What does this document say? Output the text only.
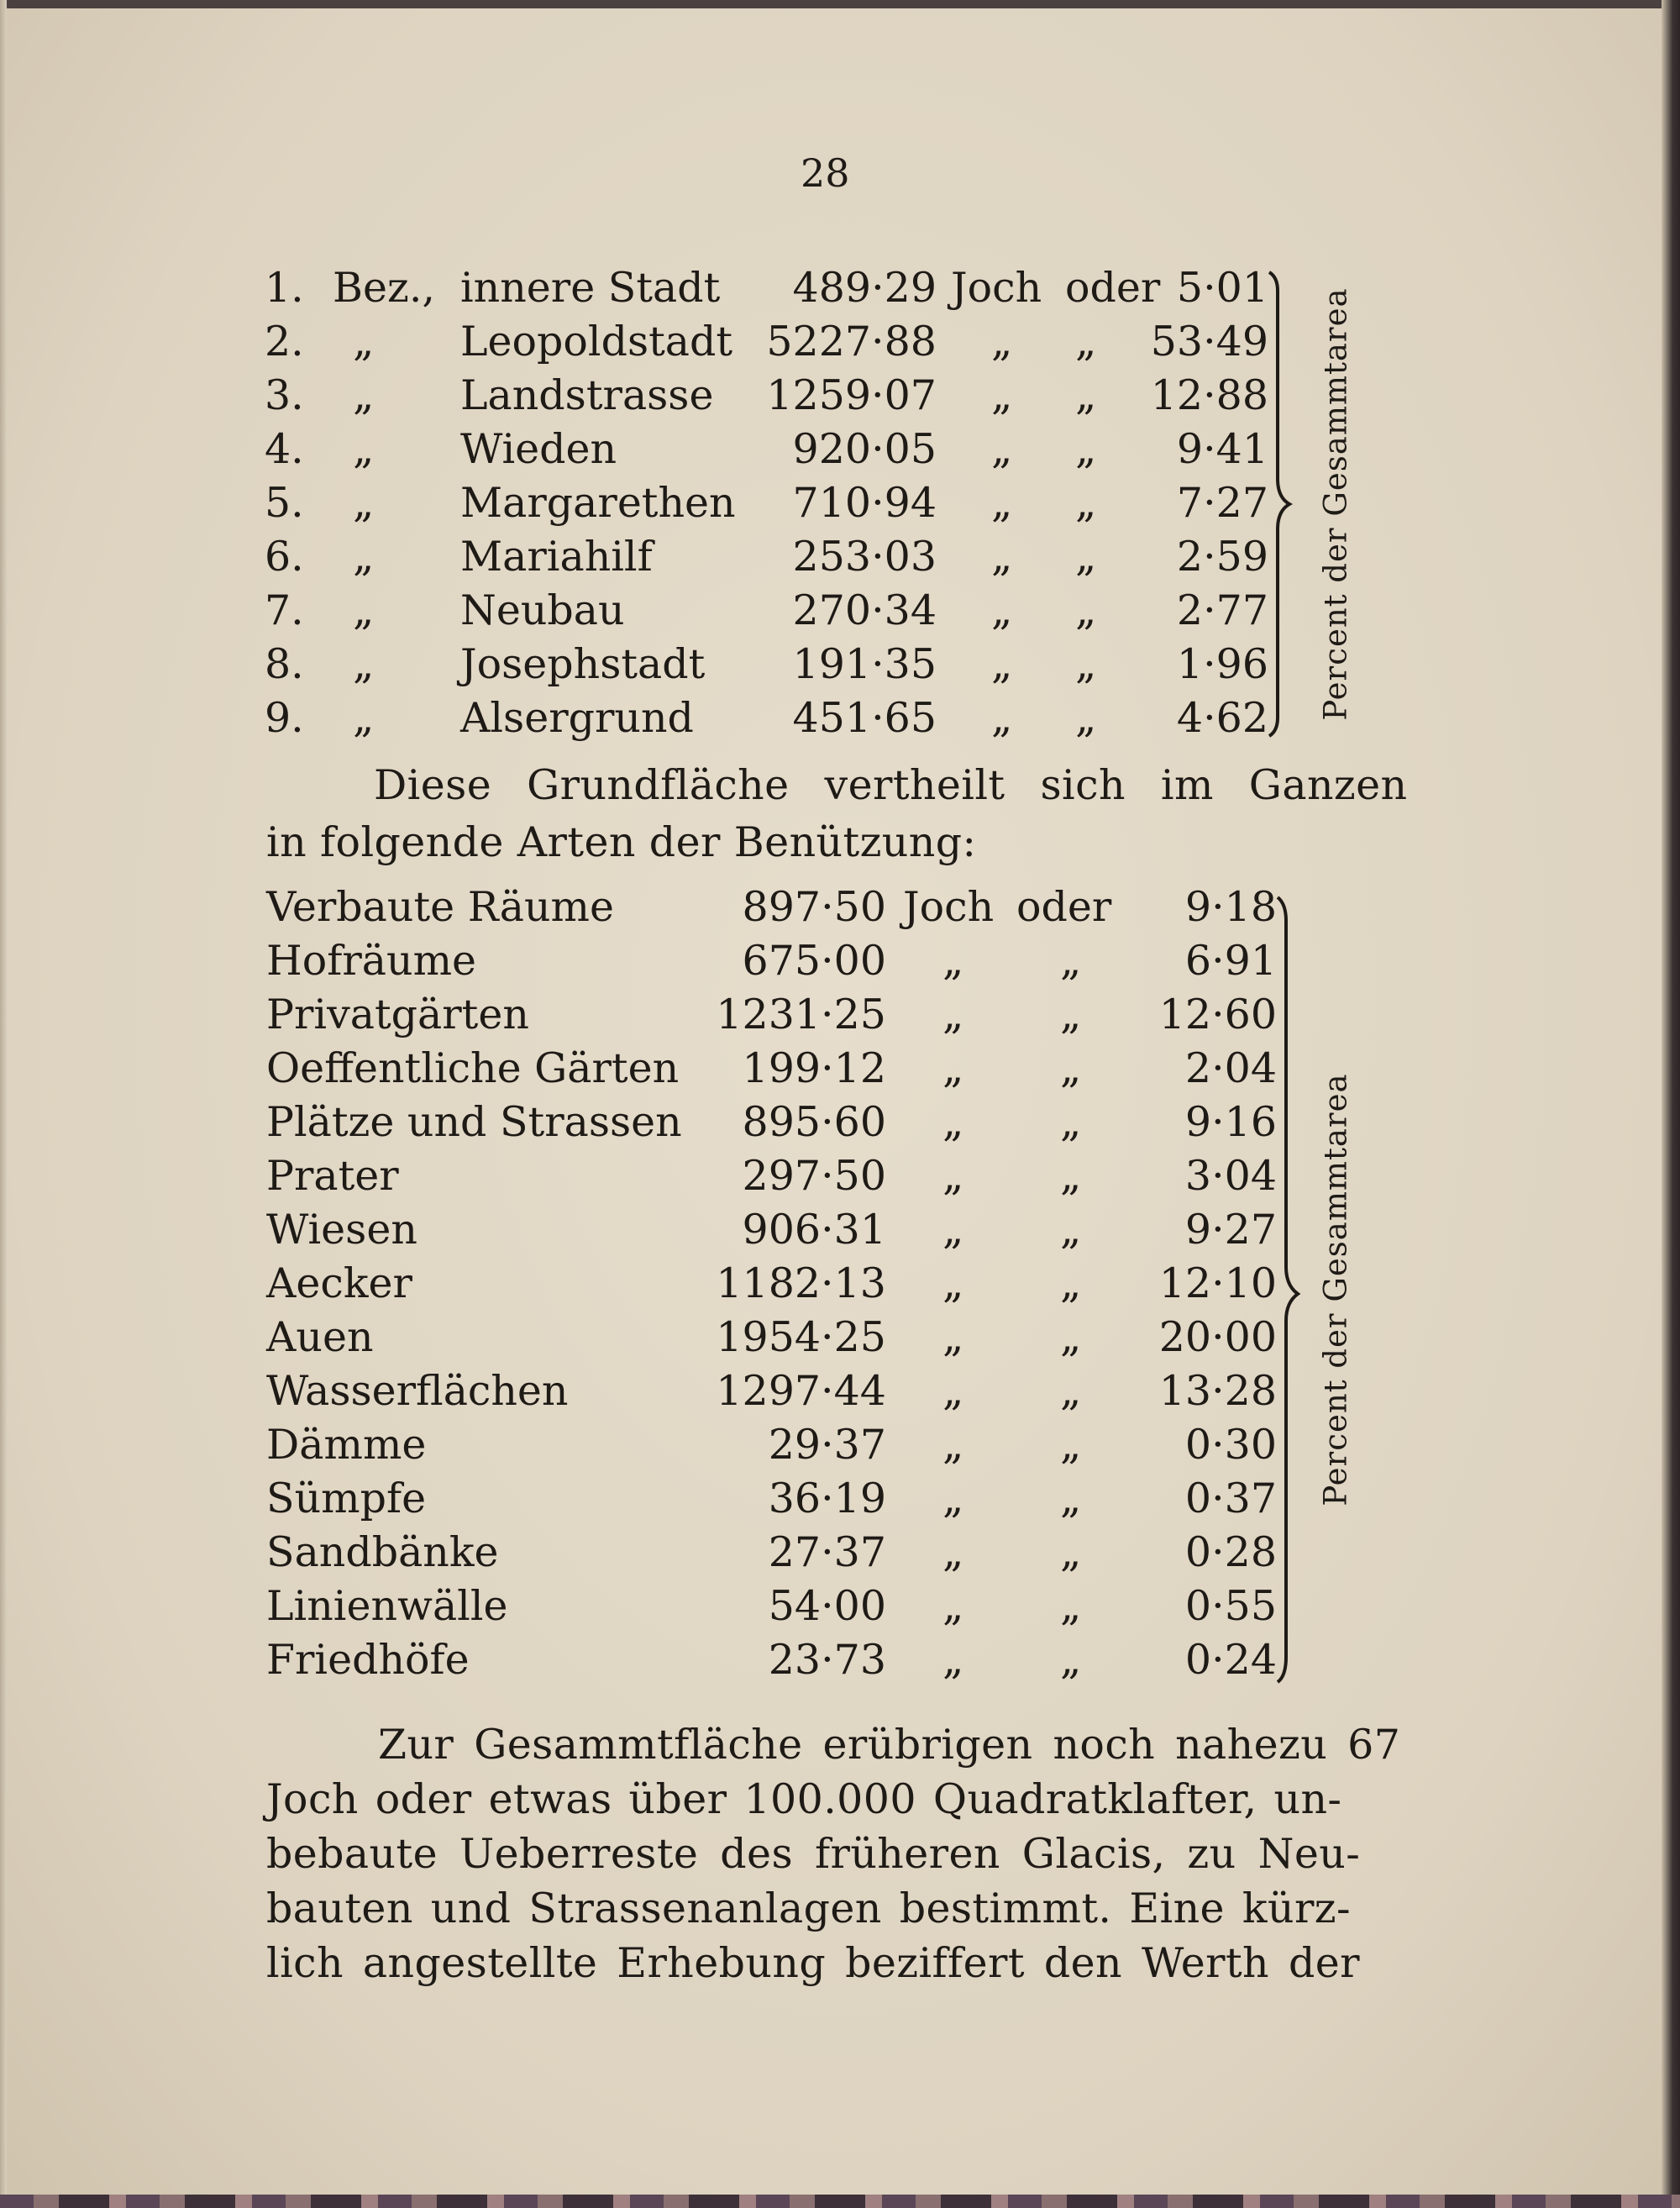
28
1. Bez., innere Stadt	489·29 Joch oder 5·01
2. „ Leopoldstadt 5227·88 „ „	53·49
3. „ Landstrasse	1259·07 „ „	12·88
4. „ Wieden	920·05 „ „	9·41
5. „ Margarethen	710·94 „ „	7·27
6. „ Mariahilf	253·03 „ „	2·59
7. „ Neubau	270·34 „ „	2·77
8. „ Josephstadt	191·35 „ „	1·96
9. „ Alsergrund	451·65 „ „	4·62 Percent der Gesammtarea
Diese Grundfläche vertheilt sich im Ganzen
in folgende Arten der Benützung:
Verbaute Räume	897·50 Joch oder	9·18
Hofräume	675·00 „ „	6·91
Privatgärten	1231·25 „ „	12·60
Oeffentliche Gärten	199·12 „ „	2·04
Plätze und Strassen	895·60 „ „	9·16
Prater	297·50 „ „	3·04
Wiesen	906·31 „ „	9·27
Aecker	1182·13 „ „	12·10
Auen	1954·25 „ „	20·00
Wasserflächen	1297·44 „ „	13·28
Dämme	29·37 „ „	0·30
Sümpfe	36·19 „ „	0·37
Sandbänke	27·37 „ „	0·28
Linienwälle	54·00 „ „	0·55
Friedhöfe	23·73 „ „	0·24
Percent der Gesammtarea
Zur Gesammtfläche erübrigen noch nahezu 67
Joch oder etwas über 100.000 Quadratklafter, un-
bebaute Ueberreste des früheren Glacis, zu Neu-
bauten und Strassenanlagen bestimmt. Eine kürz-
lich angestellte Erhebung beziffert den Werth der
